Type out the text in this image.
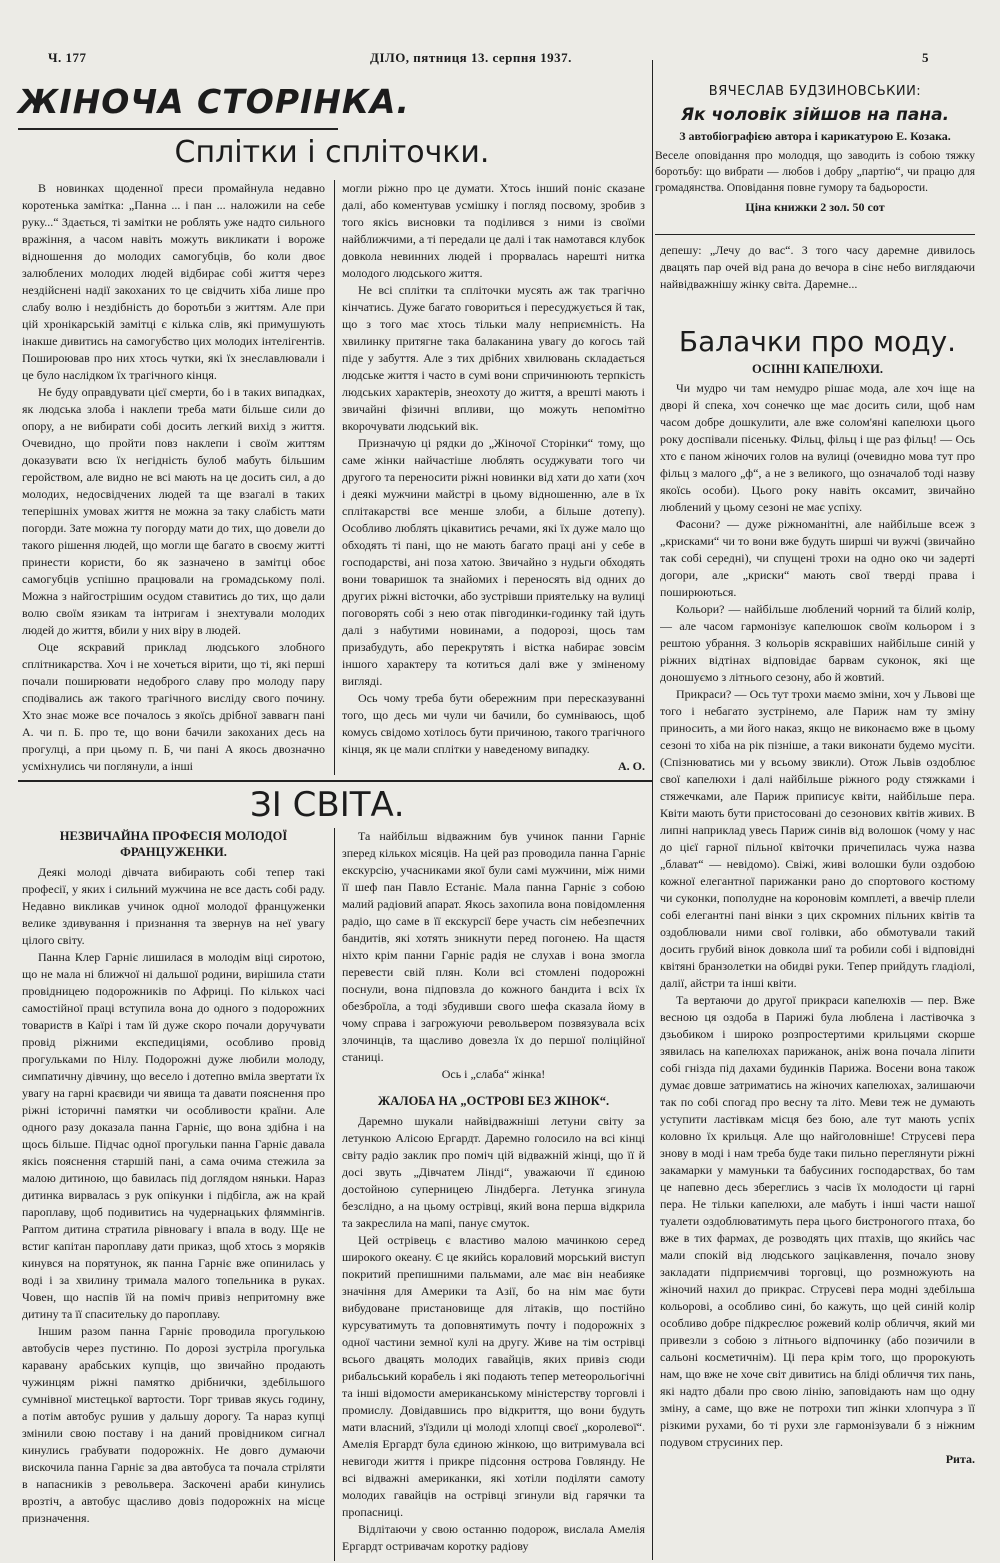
Ч. 177	ДІЛО, пятниця 13. серпня 1937.	5
ЖІНОЧА СТОРІНКА.	ВЯЧЕСЛАВ БУДЗИНОВСЬКИЙ:
Як чоловік зійшов на пана.
З автобіографією автора і карикатурою Е. Козака.

Веселе оповідання про молодця, що заводить із собою тяжку боротьбу: що вибрати — любов і добру „партію“, чи працю для громадянства. Оповідання повне гумору та бадьорости.

Ціна книжки 2 зол. 50 сот
Сплітки і спліточки.

В новинках щоденної преси промайнула недавно коротенька замітка: „Панна ... і пан ... наложили на себе руку...“ Здається, ті замітки не роблять уже надто сильного вражіння, а часом навіть можуть викликати і вороже відношення до молодих самогубців, бо коли двоє залюблених молодих людей відбирає собі життя через нездійснені надії закоханих то це свідчить хіба лише про слабу волю і нездібність до боротьби з життям. Але при цій хронікарській замітці є кілька слів, які примушують інакше дивитись на самогубство цих молодих інтелігентів. Пошироював про них хтось чутки, які їх знеславлювали і це було наслідком їх трагічного кінця.

Не буду оправдувати цієї смерти, бо і в таких випадках, як людська злоба і наклепи треба мати більше сили до опору, а не вибирати собі досить легкий вихід з життя. Очевидно, що пройти повз наклепи і своїм життям доказувати всю їх негідність булоб мабуть більшим геройством, але видно не всі мають на це досить сил, а до молодих, недосвідчених людей та ще взагалі в таких теперішніх умовах життя не можна за таку слабість мати погорди. Зате можна ту погорду мати до тих, що довели до такого рішення людей, що могли ще багато в своєму житті принести користи, бо як зазначено в замітці обоє самогубців успішно працювали на громадському полі. Можна з найгострішим осудом ставитись до тих, що дали волю своїм язикам та інтригам і знехтували молодих людей до життя, вбили у них віру в людей.

Оце яскравий приклад людського злобного сплітникарства. Хоч і не хочеться вірити, що ті, які перші почали поширювати недоброго славу про молоду пару сподівались аж такого трагічного висліду свого почину. Хто знає може все почалось з якоїсь дрібної заввагн пані А. чи п. Б. про те, що вони бачили закоханих десь на прогулці, а при цьому п. Б, чи пані А якось двозначно усміхнулись чи поглянули, а інші

могли ріжно про це думати. Хтось інший поніс сказане далі, або коментував усмішку і погляд посвому, зробив з того якісь висновки та поділився з ними із своїми найближчими, а ті передали це далі і так намотався клубок довкола невинних людей і прорвалась нарешті нитка молодого людського життя.

Не всі сплітки та спліточки мусять аж так трагічно кінчатись. Дуже багато говориться і пересуджується й так, що з того має хтось тільки малу неприємність. На хвилинку притягне така балаканина увагу до когось тай піде у забуття. Але з тих дрібних хвилювань складається людське життя і часто в сумі вони спричинюють терпкість людських характерів, знеохоту до життя, а врешті мають і звичайні фізичні впливи, що можуть непомітно вкорочувати людський вік.

Призначую ці рядки до „Жіночої Сторінки“ тому, що саме жінки найчастіше люблять осуджувати того чи другого та переносити ріжні новинки від хати до хати (хоч і деякі мужчини майстрі в цьому відношенню, але в їх сплітакарстві все менше злоби, а більше дотепу). Особливо люблять цікавитись речами, які їх дуже мало що обходять ті пані, що не мають багато праці ані у себе в господарстві, ані поза хатою. Звичайно з нудьги обходять вони товаришок та знайомих і переносять від одних до других ріжні вісточки, або зустрівши приятельку на вулиці поговорять собі з нею отак півгодинки-годинку тай ідуть далі з набутими новинами, а подорозі, щось там призабудуть, або перекрутять і вістка набирає зовсім іншого характеру та котиться далі вже у зміненому вигляді.

Ось чому треба бути обережним при пересказуванні того, що десь ми чули чи бачили, бо сумніваюсь, щоб комусь свідомо хотілось бути причиною, такого трагічного кінця, як це мали сплітки у наведеному випадку.

А. О.

депешу: „Лечу до вас“. З того часу даремне дивилось двацять пар очей від рана до вечора в сінє небо виглядаючи найвідважнішу жінку світа. Даремне...

Балачки про моду.
ОСІННІ КАПЕЛЮХИ.

Чи мудро чи там немудро рішає мода, але хоч іще на дворі й спека, хоч сонечко ще має досить сили, щоб нам часом добре дошкулити, але вже солом'яні капелюхи цього року доспівали пісеньку. Фільц, фільц і ще раз фільц! — Ось хто є паном жіночих голов на вулиці (очевидно мова тут про фільц з малого „ф“, а не з великого, що означалоб тоді назву якоїсь особи). Цього року навіть оксамит, звичайно люблений у цьому сезоні не має успіху.

Фасони? — дуже ріжноманітні, але найбільше всеж з „крисками“ чи то вони вже будуть ширші чи вужчі (звичайно так собі середні), чи спущені трохи на одно око чи задерті догори, але „криски“ мають свої тверді права і поширюються.

Кольори? — найбільше люблений чорний та білий колір, — але часом гармонізує капелюшок своїм кольором і з рештою убрання. З кольорів яскравіших найбільше синій у ріжних відтінах відповідає барвам суконок, які ще доношуємо з літнього сезону, або й жовтий.

Прикраси? — Ось тут трохи маємо зміни, хоч у Львові ще того і небагато зустрінемо, але Париж нам ту зміну приносить, а ми його наказ, якщо не виконаємо вже в цьому сезоні то хіба на рік пізніше, а таки виконати будемо мусіти. (Спізнюватись ми у всьому звикли). Отож Львів оздоблює свої капелюхи і далі найбільше ріжного роду стяжками і стяжечками, але Париж приписує квіти, найбільше пера. Квіти мають бути пристосовані до сезонових квітів живих. В липні наприклад увесь Париж синів від волошок (чому у нас до цієї гарної пільної квіточки причепилась чужа назва „блават“ — невідомо). Свіжі, живі волошки були оздобою кожної елегантної парижанки рано до спортового костюму чи суконки, пополудне на короновім комплеті, а ввечір плели собі елегантні пані вінки з цих скромних пільних квітів та оздоблювали ними свої голівки, або обмотували такий досить грубий вінок довкола шиї та робили собі і відповідні квітяні бранзолетки на обидві руки. Тепер прийдуть гладіолі, далії, айстри та інші квіти.

Та вертаючи до другої прикраси капелюхів — пер. Вже весною ця оздоба в Парижі була люблена і ластівочка з дзьобиком і широко розпростертими крильцями скорше зявилась на капелюхах парижанок, аніж вона почала ліпити собі гнізда під дахами будинків Парижа. Восени вона також думає довше затриматись на жіночих капелюхах, залишаючи так по собі спогад про весну та літо. Меви теж не думають уступити ластівкам місця без бою, але тут мають успіх коловно їх крильця. Але що найголовніше! Струсеві пера знову в моді і нам треба буде таки пильно переглянути ріжні закамарки у мамуньки та бабусиних господарствах, бо там це напевно десь збереглись з часів їх молодости ці гарні пера. Не тільки капелюхи, але мабуть і інші части нашої туалети оздоблюватимуть пера цього бистроногого птаха, бо вже в тих фармах, де розводять цих птахів, що якийсь час мали спокій від людського зацікавлення, почало знову закладати підприємчиві торговці, що розмножують на жіночий нахил до прикрас. Струсеві пера модні здебільша кольорові, а особливо сині, бо кажуть, що цей синій колір особливо добре підкреслює рожевий колір обличчя, який ми привезли з собою з літнього відпочинку (або позичили в сальоні косметичнім). Ці пера крім того, що пророкують нам, що вже не хоче світ дивитись на бліді обличчя тих пань, які надто дбали про свою лінію, заповідають нам що одну зміну, а саме, що вже не потрохи тип жінки хлопчура з її різкими рухами, бо ті рухи зле гармонізували б з ніжним подувом струсиних пер.

Рита.

ЗІ СВІТА.

НЕЗВИЧАЙНА ПРОФЕСІЯ МОЛОДОЇ ФРАНЦУЖЕНКИ.

Деякі молоді дівчата вибирають собі тепер такі професії, у яких і сильний мужчина не все дасть собі раду. Недавно викликав учинок одної молодої француженки велике здивування і признання та звернув на неї увагу цілого світу.

Панна Клер Гарніє лишилася в молодім віці сиротою, що не мала ні ближчої ні дальшої родини, вирішила стати провідницею подорожників по Африці. По кількох часі самостійної праці вступила вона до одного з подорожних товариств в Каїрі і там їй дуже скоро почали доручувати провід ріжними експедиціями, особливо провід прогульками по Нілу. Подорожні дуже любили молоду, симпатичну дівчину, що весело і дотепно вміла звертати їх увагу на гарні краєвиди чи явища та давати пояснення про ріжні історичні памятки чи особливости країни. Але одного разу доказала панна Гарніє, що вона здібна і на щось більше. Підчас одної прогульки панна Гарніє давала якісь пояснення старшій пані, а сама очима стежила за малою дитиною, що бавилась під доглядом няньки. Нараз дитинка вирвалась з рук опікунки і підбігла, аж на край пароплаву, щоб подивитись на чудернацьких фляммінгів. Раптом дитина стратила рівновагу і впала в воду. Ще не встиг капітан пароплаву дати приказ, щоб хтось з моряків кинувся на порятунок, як панна Гарніє вже опинилась у воді і за хвилину тримала малого топельника в руках. Човен, що наспів їй на поміч привіз непритомну вже дитину та її спасительку до пароплаву.

Іншим разом панна Гарніє проводила прогулькою автобусів через пустиню. По дорозі зустріла прогулька каравану арабських купців, що звичайно продають чужинцям ріжні памятко дрібнички, здебільшого сумнівної мистецької вартости. Торг тривав якусь годину, а потім автобус рушив у дальшу дорогу. Та нараз купці змінили свою поставу і на даний провідником сигнал кинулись грабувати подорожніх. Не довго думаючи вискочила панна Гарніє за два автобуса та почала стріляти в напасників з револьвера. Заскочені араби кинулись врозтіч, а автобус щасливо довіз подорожніх на місце призначення.

Та найбільш відважним був учинок панни Гарніє зперед кількох місяців. На цей раз проводила панна Гарніє екскурсію, учасниками якої були самі мужчини, між ними її шеф пан Павло Естаніє. Мала панна Гарніє з собою малий радіовий апарат. Якось захопила вона повідомлення радіо, що саме в її екскурсії бере участь сім небезпечних бандитів, які хотять зникнути перед погонею. На щастя ніхто крім панни Гарніє радія не слухав і вона змогла перевести свій плян. Коли всі стомлені подорожні поснули, вона підповзла до кожного бандита і всіх їх обезброїла, а тоді збудивши свого шефа сказала йому в чому справа і загрожуючи револьвером позвязувала всіх злочинців, та щасливо довезла їх до першої поліційної станиці.

Ось і „слаба“ жінка!

ЖАЛОБА НА „ОСТРОВІ БЕЗ ЖІНОК“.

Даремно шукали найвідважніші летуни світу за летункою Алісою Ергардт. Даремно голосило на всі кінці світу радіо заклик про поміч цій відважній жінці, що її й досі звуть „Дівчатем Лінді“, уважаючи її єдиною достойною суперницею Ліндберга. Летунка згинула безслідно, а на цьому острівці, який вона перша відкрила та закреслила на мапі, панує смуток.

Цей острівець є властиво малою мачинкою серед широкого океану. Є це якийсь кораловий морський виступ покритий препишними пальмами, але має він неабияке значіння для Америки та Азії, бо на нім має бути вибудоване пристановище для літаків, що постійно курсуватимуть та доповнятимуть почту і подорожніх з одної частини земної кулі на другу. Живе на тім острівці всього двацять молодих гавайців, яких привіз сюди рибальський корабель і які подають тепер метеорольогічні та інші відомости американському міністерству торговлі і промислу. Довідавшись про відкриття, що вони будуть мати власний, з'їздили ці молоді хлопці своєї „королевої“. Амелія Ергардт була єдиною жінкою, що витримувала всі невигоди життя і прикре підсоння острова Говлянду. Не всі відважні американки, які хотіли поділяти самоту молодих гавайців на острівці згинули від гарячки та пропасниці.

Відлітаючи у свою останню подорож, вислала Амелія Ергардт остривачам коротку радіову
